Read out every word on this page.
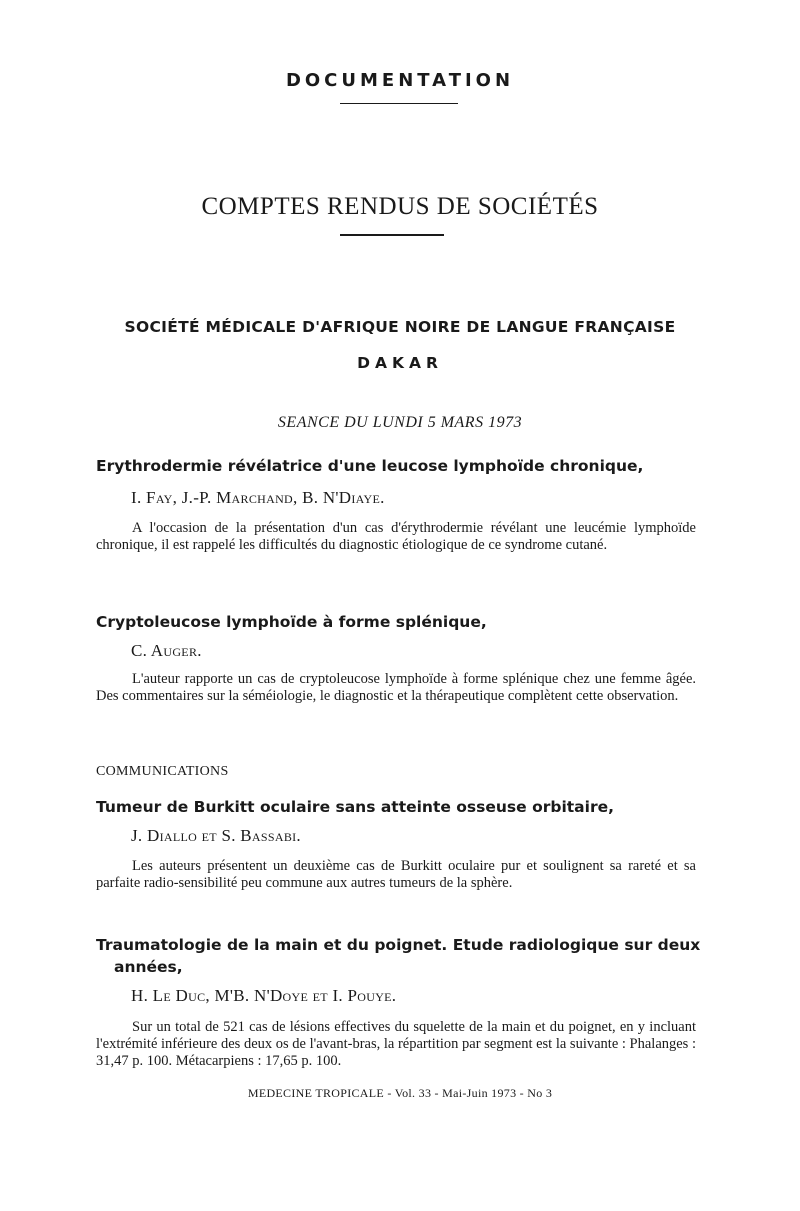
DOCUMENTATION
COMPTES RENDUS DE SOCIÉTÉS
SOCIÉTÉ MÉDICALE D'AFRIQUE NOIRE DE LANGUE FRANÇAISE
DAKAR
SEANCE DU LUNDI 5 MARS 1973
Erythrodermie révélatrice d'une leucose lymphoïde chronique,
I. Fay, J.-P. Marchand, B. N'Diaye.
A l'occasion de la présentation d'un cas d'érythrodermie révélant une leucémie lymphoïde chronique, il est rappelé les difficultés du diagnostic étiologique de ce syndrome cutané.
Cryptoleucose lymphoïde à forme splénique,
C. Auger.
L'auteur rapporte un cas de cryptoleucose lymphoïde à forme splénique chez une femme âgée. Des commentaires sur la séméiologie, le diagnostic et la thérapeutique complètent cette observation.
COMMUNICATIONS
Tumeur de Burkitt oculaire sans atteinte osseuse orbitaire,
J. Diallo et S. Bassabi.
Les auteurs présentent un deuxième cas de Burkitt oculaire pur et soulignent sa rareté et sa parfaite radio-sensibilité peu commune aux autres tumeurs de la sphère.
Traumatologie de la main et du poignet. Etude radiologique sur deux
années,
H. Le Duc, M'B. N'Doye et I. Pouye.
Sur un total de 521 cas de lésions effectives du squelette de la main et du poignet, en y incluant l'extrémité inférieure des deux os de l'avant-bras, la répartition par segment est la suivante : Phalanges : 31,47 p. 100. Métacarpiens : 17,65 p. 100.
MEDECINE TROPICALE - Vol. 33 - Mai-Juin 1973 - No 3
